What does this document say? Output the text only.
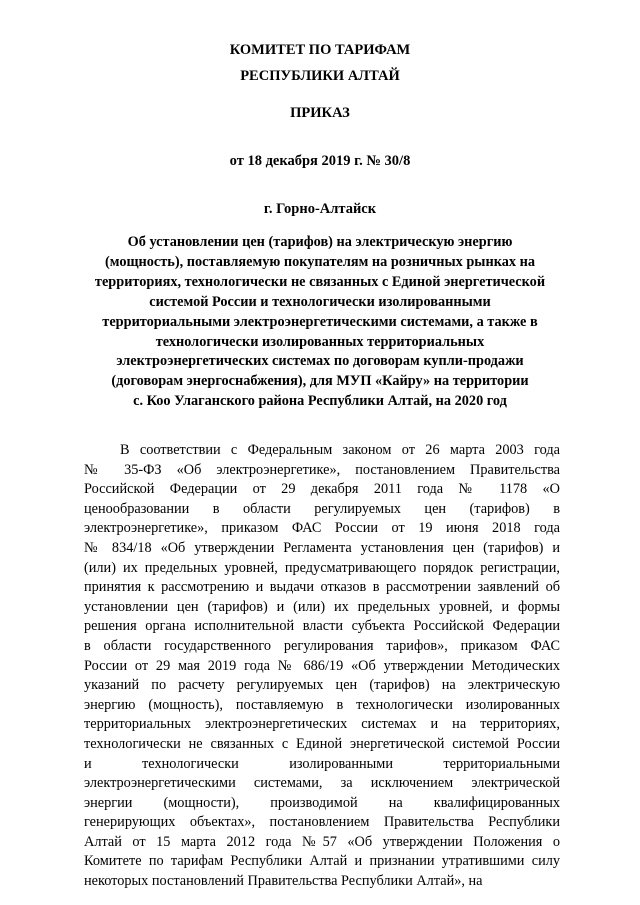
КОМИТЕТ ПО ТАРИФАМ
РЕСПУБЛИКИ АЛТАЙ
ПРИКАЗ
от 18 декабря 2019 г. № 30/8
г. Горно-Алтайск
Об установлении цен (тарифов) на электрическую энергию
(мощность), поставляемую покупателям на розничных рынках на
территориях, технологически не связанных с Единой энергетической
системой России и технологически изолированными
территориальными электроэнергетическими системами, а также в
технологически изолированных территориальных
электроэнергетических системах по договорам купли-продажи
(договорам энергоснабжения), для МУП «Кайру» на территории
с. Коо Улаганского района Республики Алтай, на 2020 год
В соответствии с Федеральным законом от 26 марта 2003 года
№ 35-ФЗ «Об электроэнергетике», постановлением Правительства
Российской Федерации от 29 декабря 2011 года № 1178 «О
ценообразовании в области регулируемых цен (тарифов) в
электроэнергетике», приказом ФАС России от 19 июня 2018 года
№ 834/18 «Об утверждении Регламента установления цен (тарифов) и
(или) их предельных уровней, предусматривающего порядок регистрации,
принятия к рассмотрению и выдачи отказов в рассмотрении заявлений об
установлении цен (тарифов) и (или) их предельных уровней, и формы
решения органа исполнительной власти субъекта Российской Федерации
в области государственного регулирования тарифов», приказом ФАС
России от 29 мая 2019 года № 686/19 «Об утверждении Методических
указаний по расчету регулируемых цен (тарифов) на электрическую
энергию (мощность), поставляемую в технологически изолированных
территориальных электроэнергетических системах и на территориях,
технологически не связанных с Единой энергетической системой России
и технологически изолированными территориальными
электроэнергетическими системами, за исключением электрической
энергии (мощности), производимой на квалифицированных
генерирующих объектах», постановлением Правительства Республики
Алтай от 15 марта 2012 года №57 «Об утверждении Положения о
Комитете по тарифам Республики Алтай и признании утратившими силу
некоторых постановлений Правительства Республики Алтай», на
